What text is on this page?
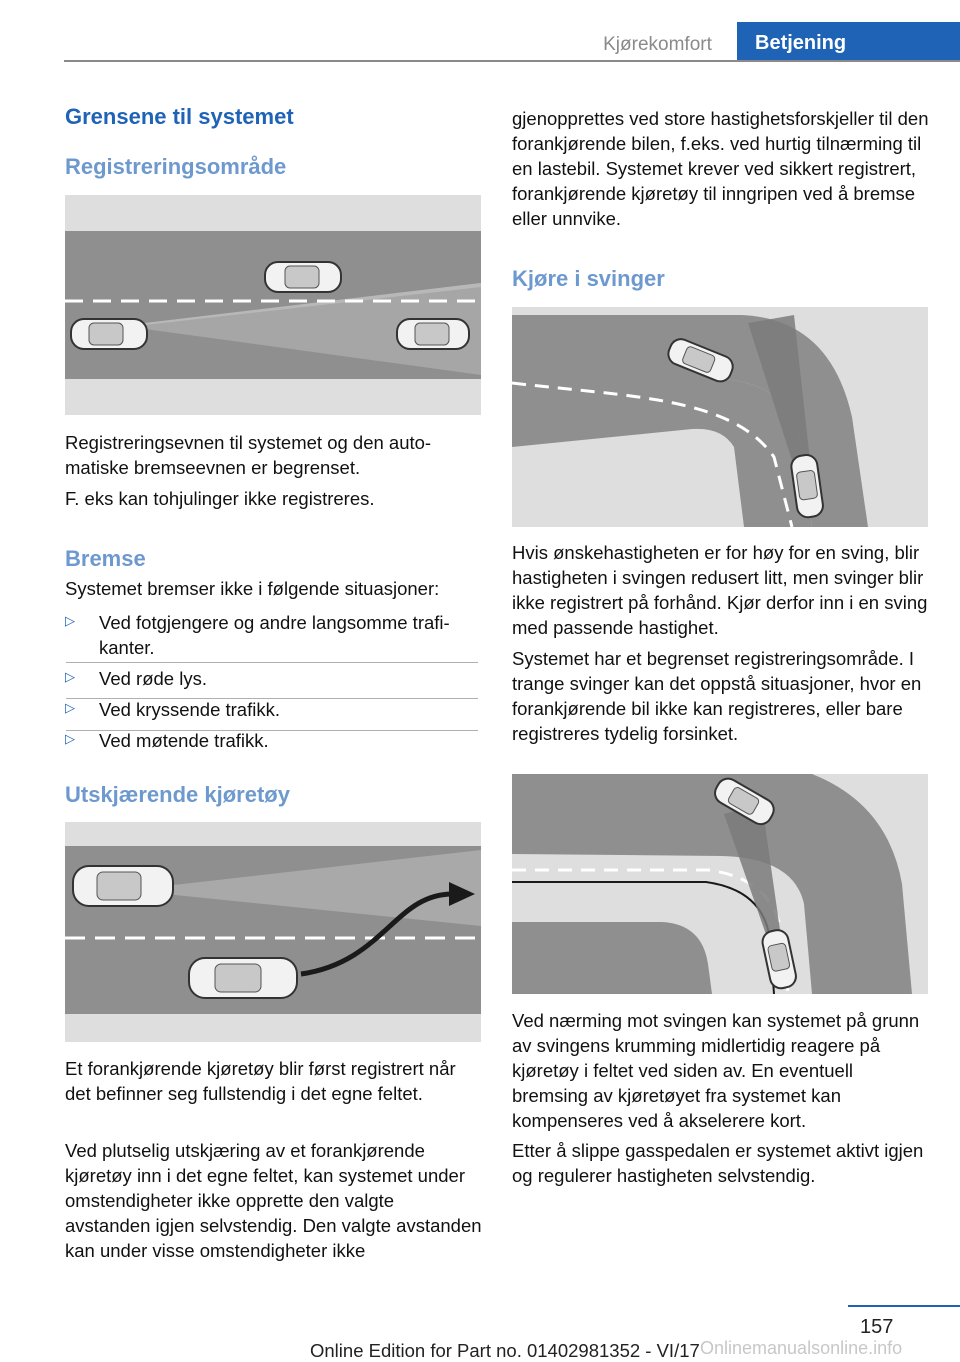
Kjørekomfort	Betjening
Grensene til systemet
Registreringsområde

Registreringsevnen til systemet og den automatiske bremseevnen er begrenset.

F. eks kan tohjulinger ikke registreres.

Bremse

Systemet bremser ikke i følgende situasjoner:

▷ Ved fotgjengere og andre langsomme trafikanter.
▷ Ved røde lys.
▷ Ved kryssende trafikk.
▷ Ved møtende trafikk.
Utskjærende kjøretøy

Et forankjørende kjøretøy blir først registrert når det befinner seg fullstendig i det egne feltet.

Ved plutselig utskjæring av et forankjørende kjøretøy inn i det egne feltet, kan systemet under omstendigheter ikke opprette den valgte avstanden igjen selvstendig. Den valgte avstanden kan under visse omstendigheter ikke

gjenopprettes ved store hastighetsforskjeller til den forankjørende bilen, f.eks. ved hurtig tilnærming til en lastebil. Systemet krever ved sikkert registrert, forankjørende kjøretøy til inngripen ved å bremse eller unnvike.

Kjøre i svinger

Hvis ønskehastigheten er for høy for en sving, blir hastigheten i svingen redusert litt, men svinger blir ikke registrert på forhånd. Kjør derfor inn i en sving med passende hastighet.

Systemet har et begrenset registreringsområde. I trange svinger kan det oppstå situasjoner, hvor en forankjørende bil ikke kan registreres, eller bare registreres tydelig forsinket.

Ved nærming mot svingen kan systemet på grunn av svingens krumming midlertidig reagere på kjøretøy i feltet ved siden av. En eventuell bremsing av kjøretøyet fra systemet kan kompenseres ved å akselerere kort.

Etter å slippe gasspedalen er systemet aktivt igjen og regulerer hastigheten selvstendig.

157
Online Edition for Part no. 01402981352 - VI/17 Onlinemanualsonline.info
